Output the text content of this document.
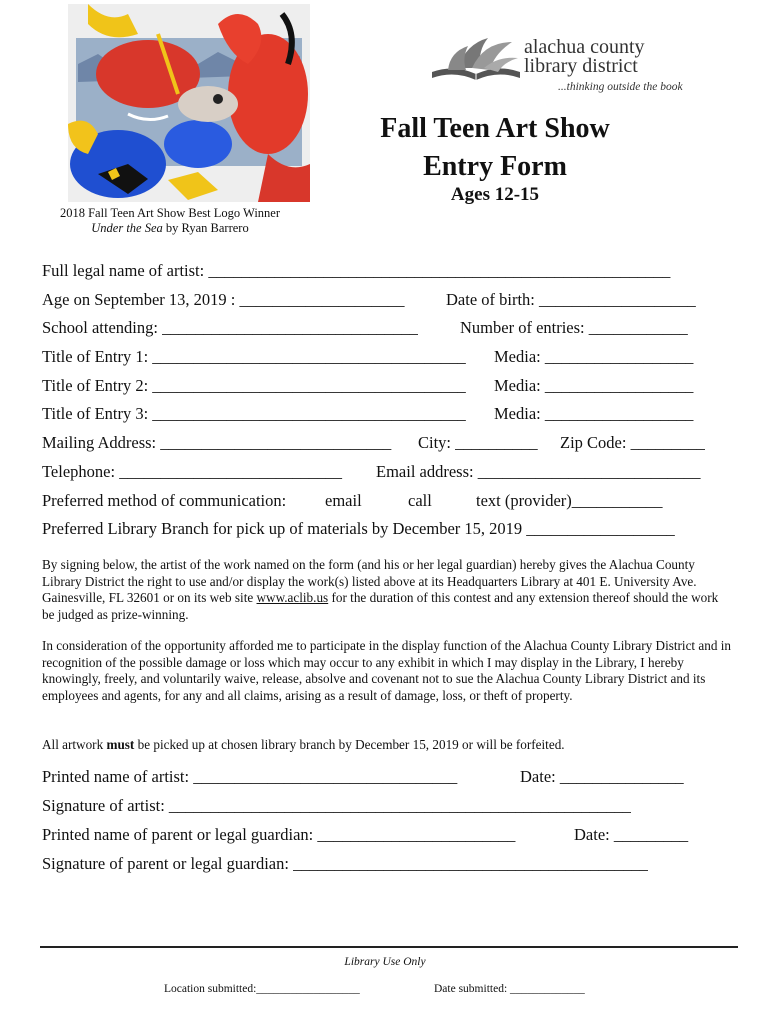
2018 Fall Teen Art Show Best Logo Winner
Under the Sea by Ryan Barrero
alachua county
library district
...thinking outside the book
Fall Teen Art Show
Entry Form
Ages 12-15
Full legal name of artist: ________________________________________________________
Age on September 13, 2019 : ____________________	Date of birth: ___________________
School attending: _______________________________	Number of entries: ____________
Title of Entry 1: ______________________________________ Media: __________________
Title of Entry 2: ______________________________________ Media: __________________
Title of Entry 3: ______________________________________ Media: __________________
Mailing Address: ____________________________ City: __________ Zip Code: _________
Telephone: ___________________________ Email address: ___________________________
Preferred method of communication: email	call	text (provider)___________
Preferred Library Branch for pick up of materials by December 15, 2019 __________________
By signing below, the artist of the work named on the form (and his or her legal guardian) hereby gives the Alachua County Library District the right to use and/or display the work(s) listed above at its Headquarters Library at 401 E. University Ave. Gainesville, FL 32601 or on its web site www.aclib.us for the duration of this contest and any extension thereof should the work be judged as prize-winning.
In consideration of the opportunity afforded me to participate in the display function of the Alachua County Library District and in recognition of the possible damage or loss which may occur to any exhibit in which I may display in the Library, I hereby knowingly, freely, and voluntarily waive, release, absolve and covenant not to sue the Alachua County Library District and its employees and agents, for any and all claims, arising as a result of damage, loss, or theft of property.
All artwork must be picked up at chosen library branch by December 15, 2019 or will be forfeited.
Printed name of artist: ________________________________	Date: _______________
Signature of artist: ________________________________________________________
Printed name of parent or legal guardian: ________________________	Date: _________
Signature of parent or legal guardian: ___________________________________________
Library Use Only
Location submitted:__________________	Date submitted: _____________
